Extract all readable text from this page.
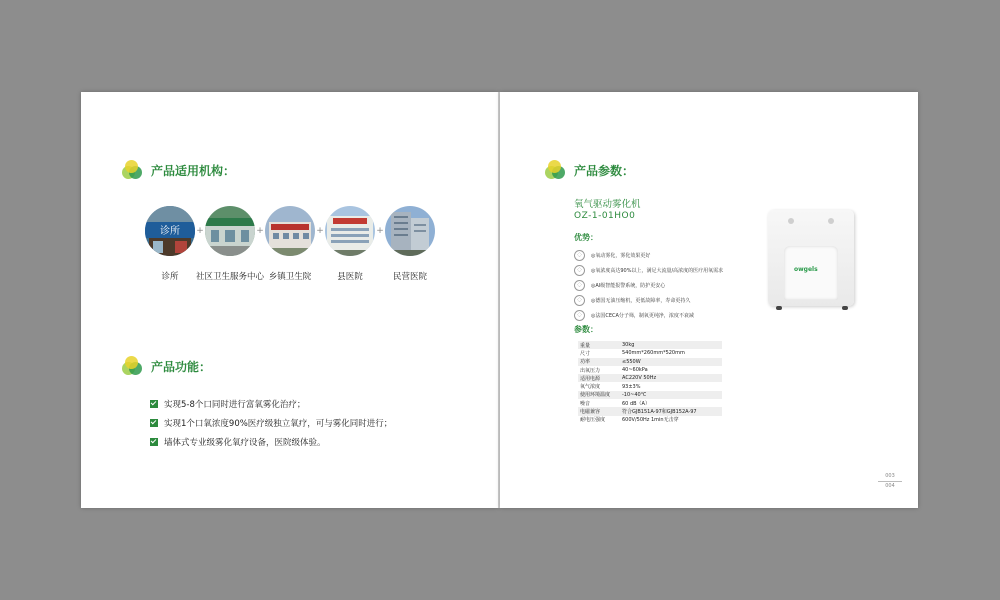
产品适用机构：
诊所
诊所
+
社区卫生服务中心
+
乡镇卫生院
+
县医院
+
民营医院
产品功能：
实现5-8个口同时进行富氧雾化治疗；
实现1个口氧浓度90%医疗级独立氧疗，可与雾化同时进行；
墙体式专业级雾化氧疗设备，医院级体验。
产品参数：
氧气驱动雾化机
OZ-1-01HO0
优势：
◌	◎氧动雾化，雾化效果更好
◌	◎氧浓度高达90%以上，满足大流量/高浓度的医疗用氧需求
◌	◎AI级智能报警系统，防护更安心
◌	◎德国无油压缩机，更低故障率，寿命更持久
◌	◎法国CECA分子筛，制氧更纯净，浓度不衰减
参数：
重量	30kg
尺寸	540mm*260mm*520mm
功率	≤550W
出氧压力	40~60kPa
适用电源	AC220V 50Hz
氧气浓度	93±3%
使用环境温度	-10~40℃
噪音	60 dB（A）
电磁兼容	符合GJB151A-97和GJB152A-97
耐电压强度	600V/50Hz 1min无击穿
owgels
003
004
